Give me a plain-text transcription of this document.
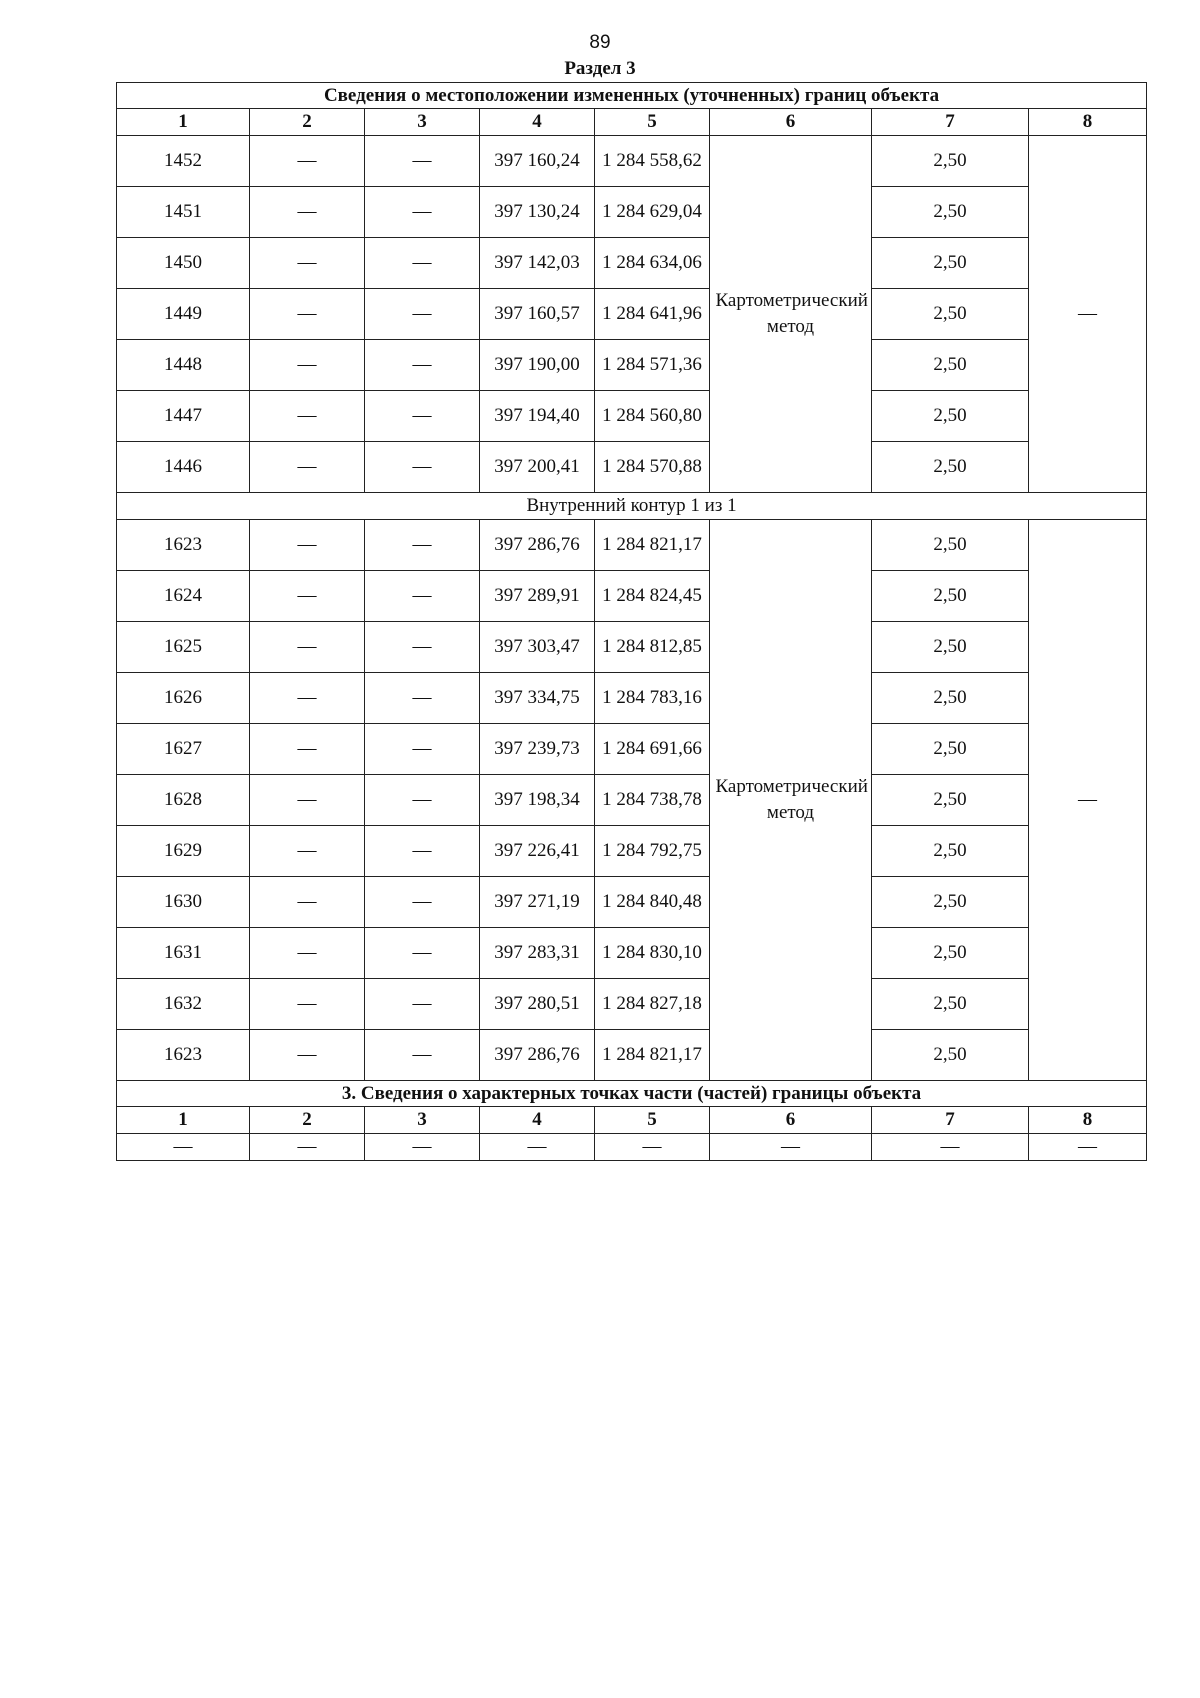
89
Раздел 3
Сведения о местоположении измененных (уточненных) границ объекта							
1	2	3	4	5	6	7	8
1452	—	—	397 160,24	1 284 558,62	Картометрический метод	2,50	—
1451	—	—	397 130,24	1 284 629,04		2,50	
1450	—	—	397 142,03	1 284 634,06		2,50	
1449	—	—	397 160,57	1 284 641,96		2,50	
1448	—	—	397 190,00	1 284 571,36		2,50	
1447	—	—	397 194,40	1 284 560,80		2,50	
1446	—	—	397 200,41	1 284 570,88		2,50	
Внутренний контур 1 из 1							
1623	—	—	397 286,76	1 284 821,17	Картометрический метод	2,50	—
1624	—	—	397 289,91	1 284 824,45		2,50	
1625	—	—	397 303,47	1 284 812,85		2,50	
1626	—	—	397 334,75	1 284 783,16		2,50	
1627	—	—	397 239,73	1 284 691,66		2,50	
1628	—	—	397 198,34	1 284 738,78		2,50	
1629	—	—	397 226,41	1 284 792,75		2,50	
1630	—	—	397 271,19	1 284 840,48		2,50	
1631	—	—	397 283,31	1 284 830,10		2,50	
1632	—	—	397 280,51	1 284 827,18		2,50	
1623	—	—	397 286,76	1 284 821,17		2,50	
3. Сведения о характерных точках части (частей) границы объекта							
1	2	3	4	5	6	7	8
—	—	—	—	—	—	—	—
